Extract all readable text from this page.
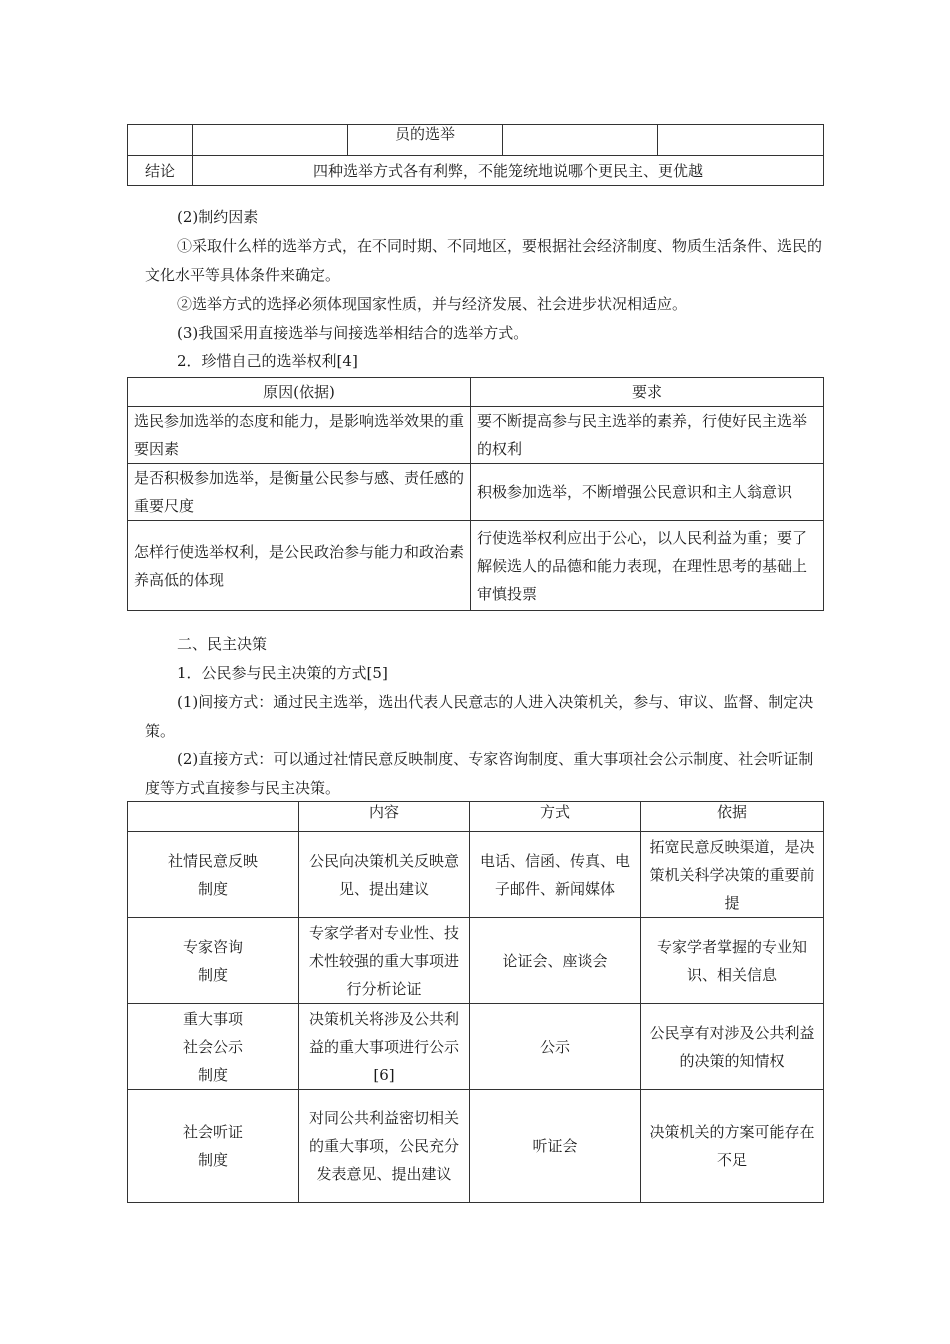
		员的选举		
结论	四种选举方式各有利弊，不能笼统地说哪个更民主、更优越			

(2)制约因素

①采取什么样的选举方式，在不同时期、不同地区，要根据社会经济制度、物质生活条件、选民的文化水平等具体条件来确定。

②选举方式的选择必须体现国家性质，并与经济发展、社会进步状况相适应。

(3)我国采用直接选举与间接选举相结合的选举方式。

2．珍惜自己的选举权利[4]

原因(依据)	要求
选民参加选举的态度和能力，是影响选举效果的重要因素	要不断提高参与民主选举的素养，行使好民主选举的权利
是否积极参加选举，是衡量公民参与感、责任感的重要尺度	积极参加选举，不断增强公民意识和主人翁意识
怎样行使选举权利，是公民政治参与能力和政治素养高低的体现	行使选举权利应出于公心，以人民利益为重；要了解候选人的品德和能力表现，在理性思考的基础上审慎投票

二、民主决策

1．公民参与民主决策的方式[5]

(1)间接方式：通过民主选举，选出代表人民意志的人进入决策机关，参与、审议、监督、制定决策。

(2)直接方式：可以通过社情民意反映制度、专家咨询制度、重大事项社会公示制度、社会听证制度等方式直接参与民主决策。

	内容	方式	依据
社情民意反映制度	公民向决策机关反映意见、提出建议	电话、信函、传真、电子邮件、新闻媒体	拓宽民意反映渠道，是决策机关科学决策的重要前提
专家咨询制度	专家学者对专业性、技术性较强的重大事项进行分析论证	论证会、座谈会	专家学者掌握的专业知识、相关信息
重大事项社会公示制度	决策机关将涉及公共利益的重大事项进行公示[6]	公示	公民享有对涉及公共利益的决策的知情权
社会听证制度	对同公共利益密切相关的重大事项，公民充分发表意见、提出建议	听证会	决策机关的方案可能存在不足
